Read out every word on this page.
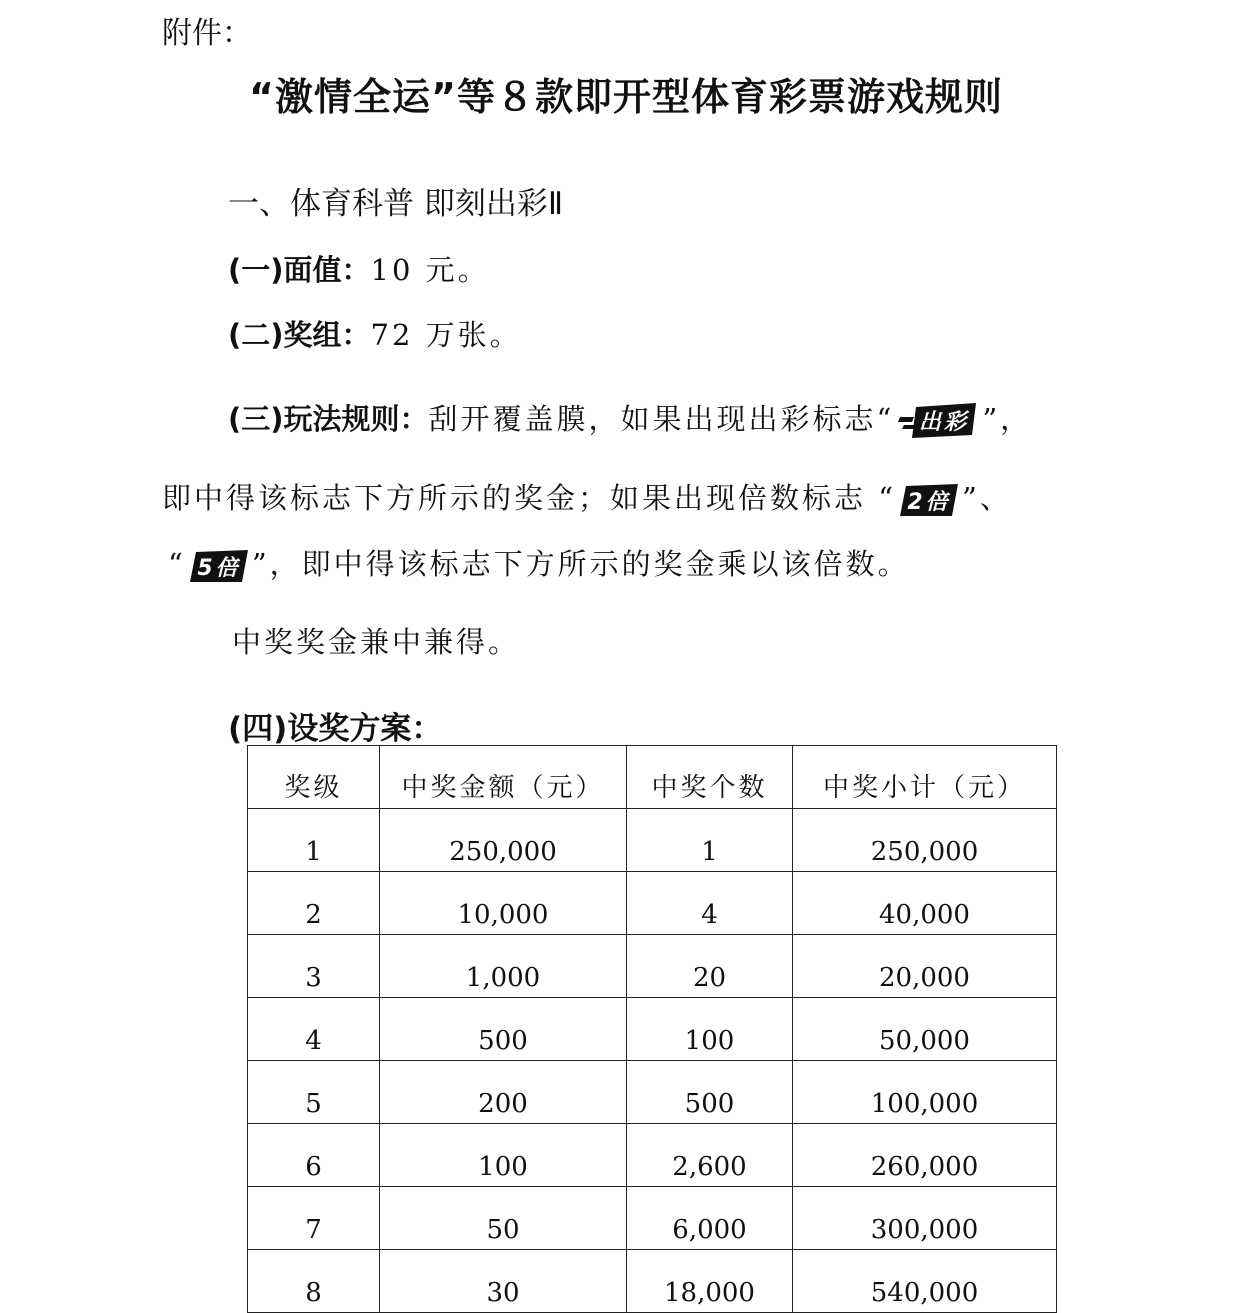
附件：
“激情全运”等８款即开型体育彩票游戏规则
一、体育科普 即刻出彩Ⅱ
(一)面值：10 元。
(二)奖组：72 万张。
(三)玩法规则：刮开覆盖膜，如果出现出彩标志“ 出彩 ”，
即中得该标志下方所示的奖金；如果出现倍数标志 “ 2倍 ”、
“ 5倍 ”，即中得该标志下方所示的奖金乘以该倍数。
中奖奖金兼中兼得。
(四)设奖方案：
奖级	中奖金额（元）	中奖个数	中奖小计（元）
1	250,000	1	250,000
2	10,000	4	40,000
3	1,000	20	20,000
4	500	100	50,000
5	200	500	100,000
6	100	2,600	260,000
7	50	6,000	300,000
8	30	18,000	540,000
